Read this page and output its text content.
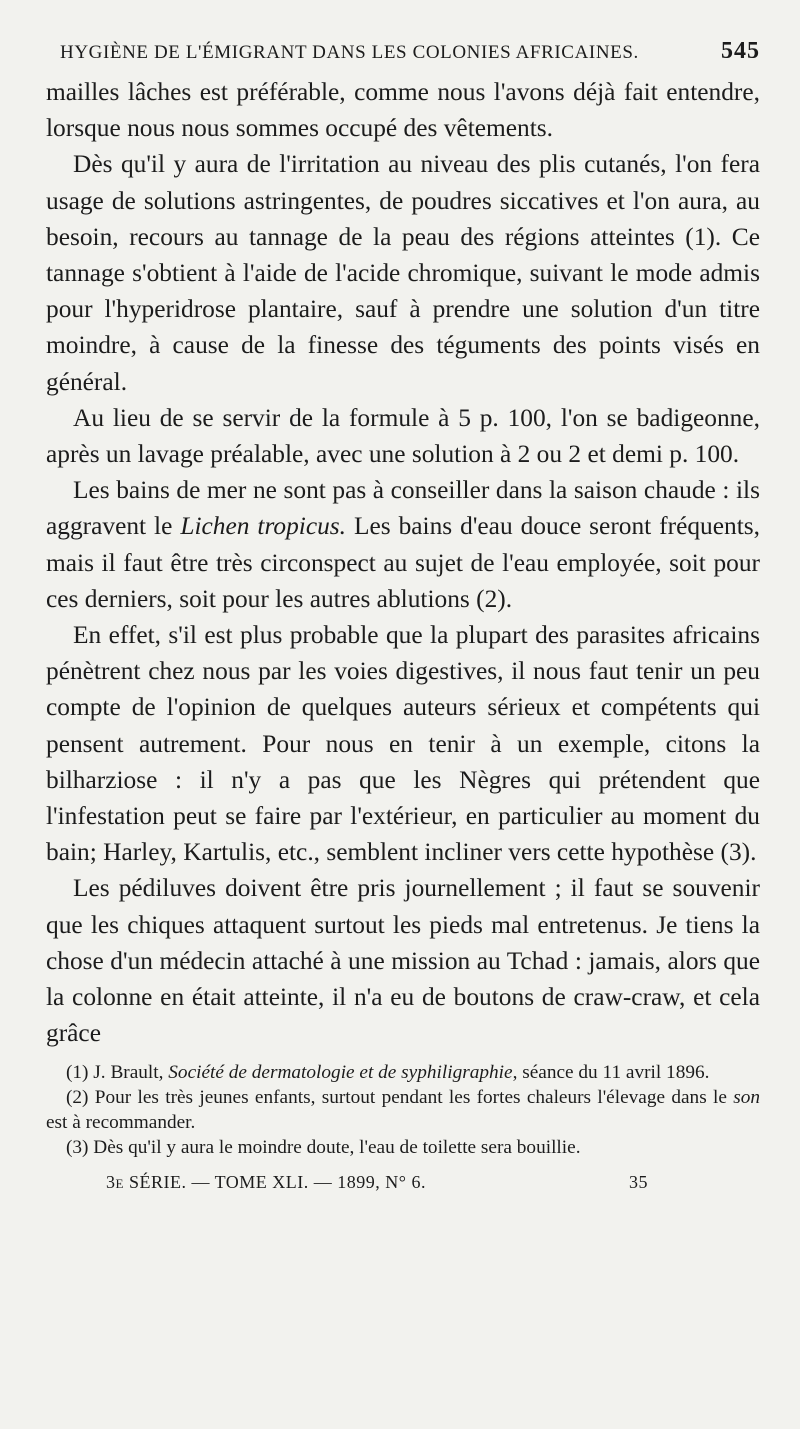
HYGIÈNE DE L'ÉMIGRANT DANS LES COLONIES AFRICAINES.	545

mailles lâches est préférable, comme nous l'avons déjà fait entendre, lorsque nous nous sommes occupé des vêtements.

Dès qu'il y aura de l'irritation au niveau des plis cutanés, l'on fera usage de solutions astringentes, de poudres siccatives et l'on aura, au besoin, recours au tannage de la peau des régions atteintes (1). Ce tannage s'obtient à l'aide de l'acide chromique, suivant le mode admis pour l'hyperidrose plantaire, sauf à prendre une solution d'un titre moindre, à cause de la finesse des téguments des points visés en général.

Au lieu de se servir de la formule à 5 p. 100, l'on se badigeonne, après un lavage préalable, avec une solution à 2 ou 2 et demi p. 100.

Les bains de mer ne sont pas à conseiller dans la saison chaude : ils aggravent le Lichen tropicus. Les bains d'eau douce seront fréquents, mais il faut être très circonspect au sujet de l'eau employée, soit pour ces derniers, soit pour les autres ablutions (2).

En effet, s'il est plus probable que la plupart des parasites africains pénètrent chez nous par les voies digestives, il nous faut tenir un peu compte de l'opinion de quelques auteurs sérieux et compétents qui pensent autrement. Pour nous en tenir à un exemple, citons la bilharziose : il n'y a pas que les Nègres qui prétendent que l'infestation peut se faire par l'extérieur, en particulier au moment du bain; Harley, Kartulis, etc., semblent incliner vers cette hypothèse (3).

Les pédiluves doivent être pris journellement ; il faut se souvenir que les chiques attaquent surtout les pieds mal entretenus. Je tiens la chose d'un médecin attaché à une mission au Tchad : jamais, alors que la colonne en était atteinte, il n'a eu de boutons de craw-craw, et cela grâce

(1) J. Brault, Société de dermatologie et de syphiligraphie, séance du 11 avril 1896.

(2) Pour les très jeunes enfants, surtout pendant les fortes chaleurs l'élevage dans le son est à recommander.

(3) Dès qu'il y aura le moindre doute, l'eau de toilette sera bouillie.

3e SÉRIE. — TOME XLI. — 1899, N° 6.	35
